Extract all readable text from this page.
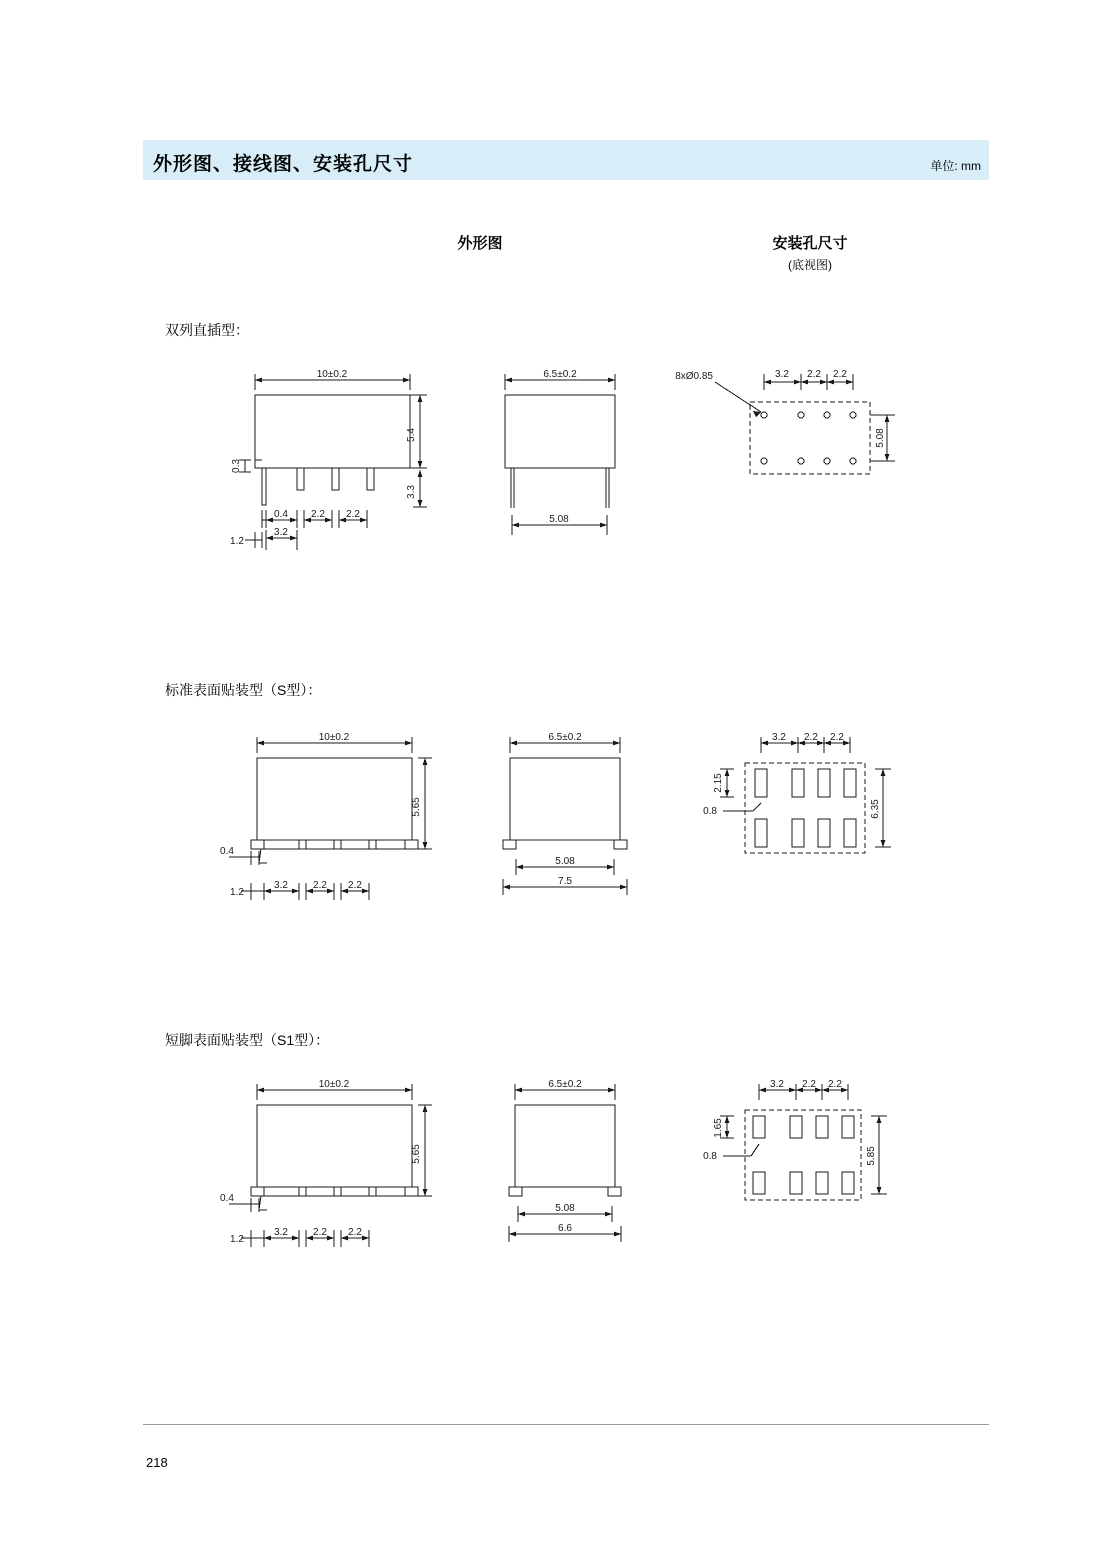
外形图、接线图、安装孔尺寸	单位: mm
外形图	安装孔尺寸
(底视图)
双列直插型：
10±0.2
5.4
3.3
0.3
0.4 2.2 2.2
1.2
3.2
6.5±0.2
5.08
8xØ0.85	3.2 2.2 2.2
5.08
标准表面贴装型（S型）：
10±0.2
5.65
0.4
1.2
3.2	2.2 2.2
6.5±0.2
5.08
7.5
3.2 2.2 2.2
2.15
0.8	6.35
短脚表面贴装型（S1型）：
10±0.2
5.65
0.4
1.2
3.2	2.2 2.2
6.5±0.2
5.08
6.6
3.2 2.2 2.2
1.65
0.8	5.85
218
